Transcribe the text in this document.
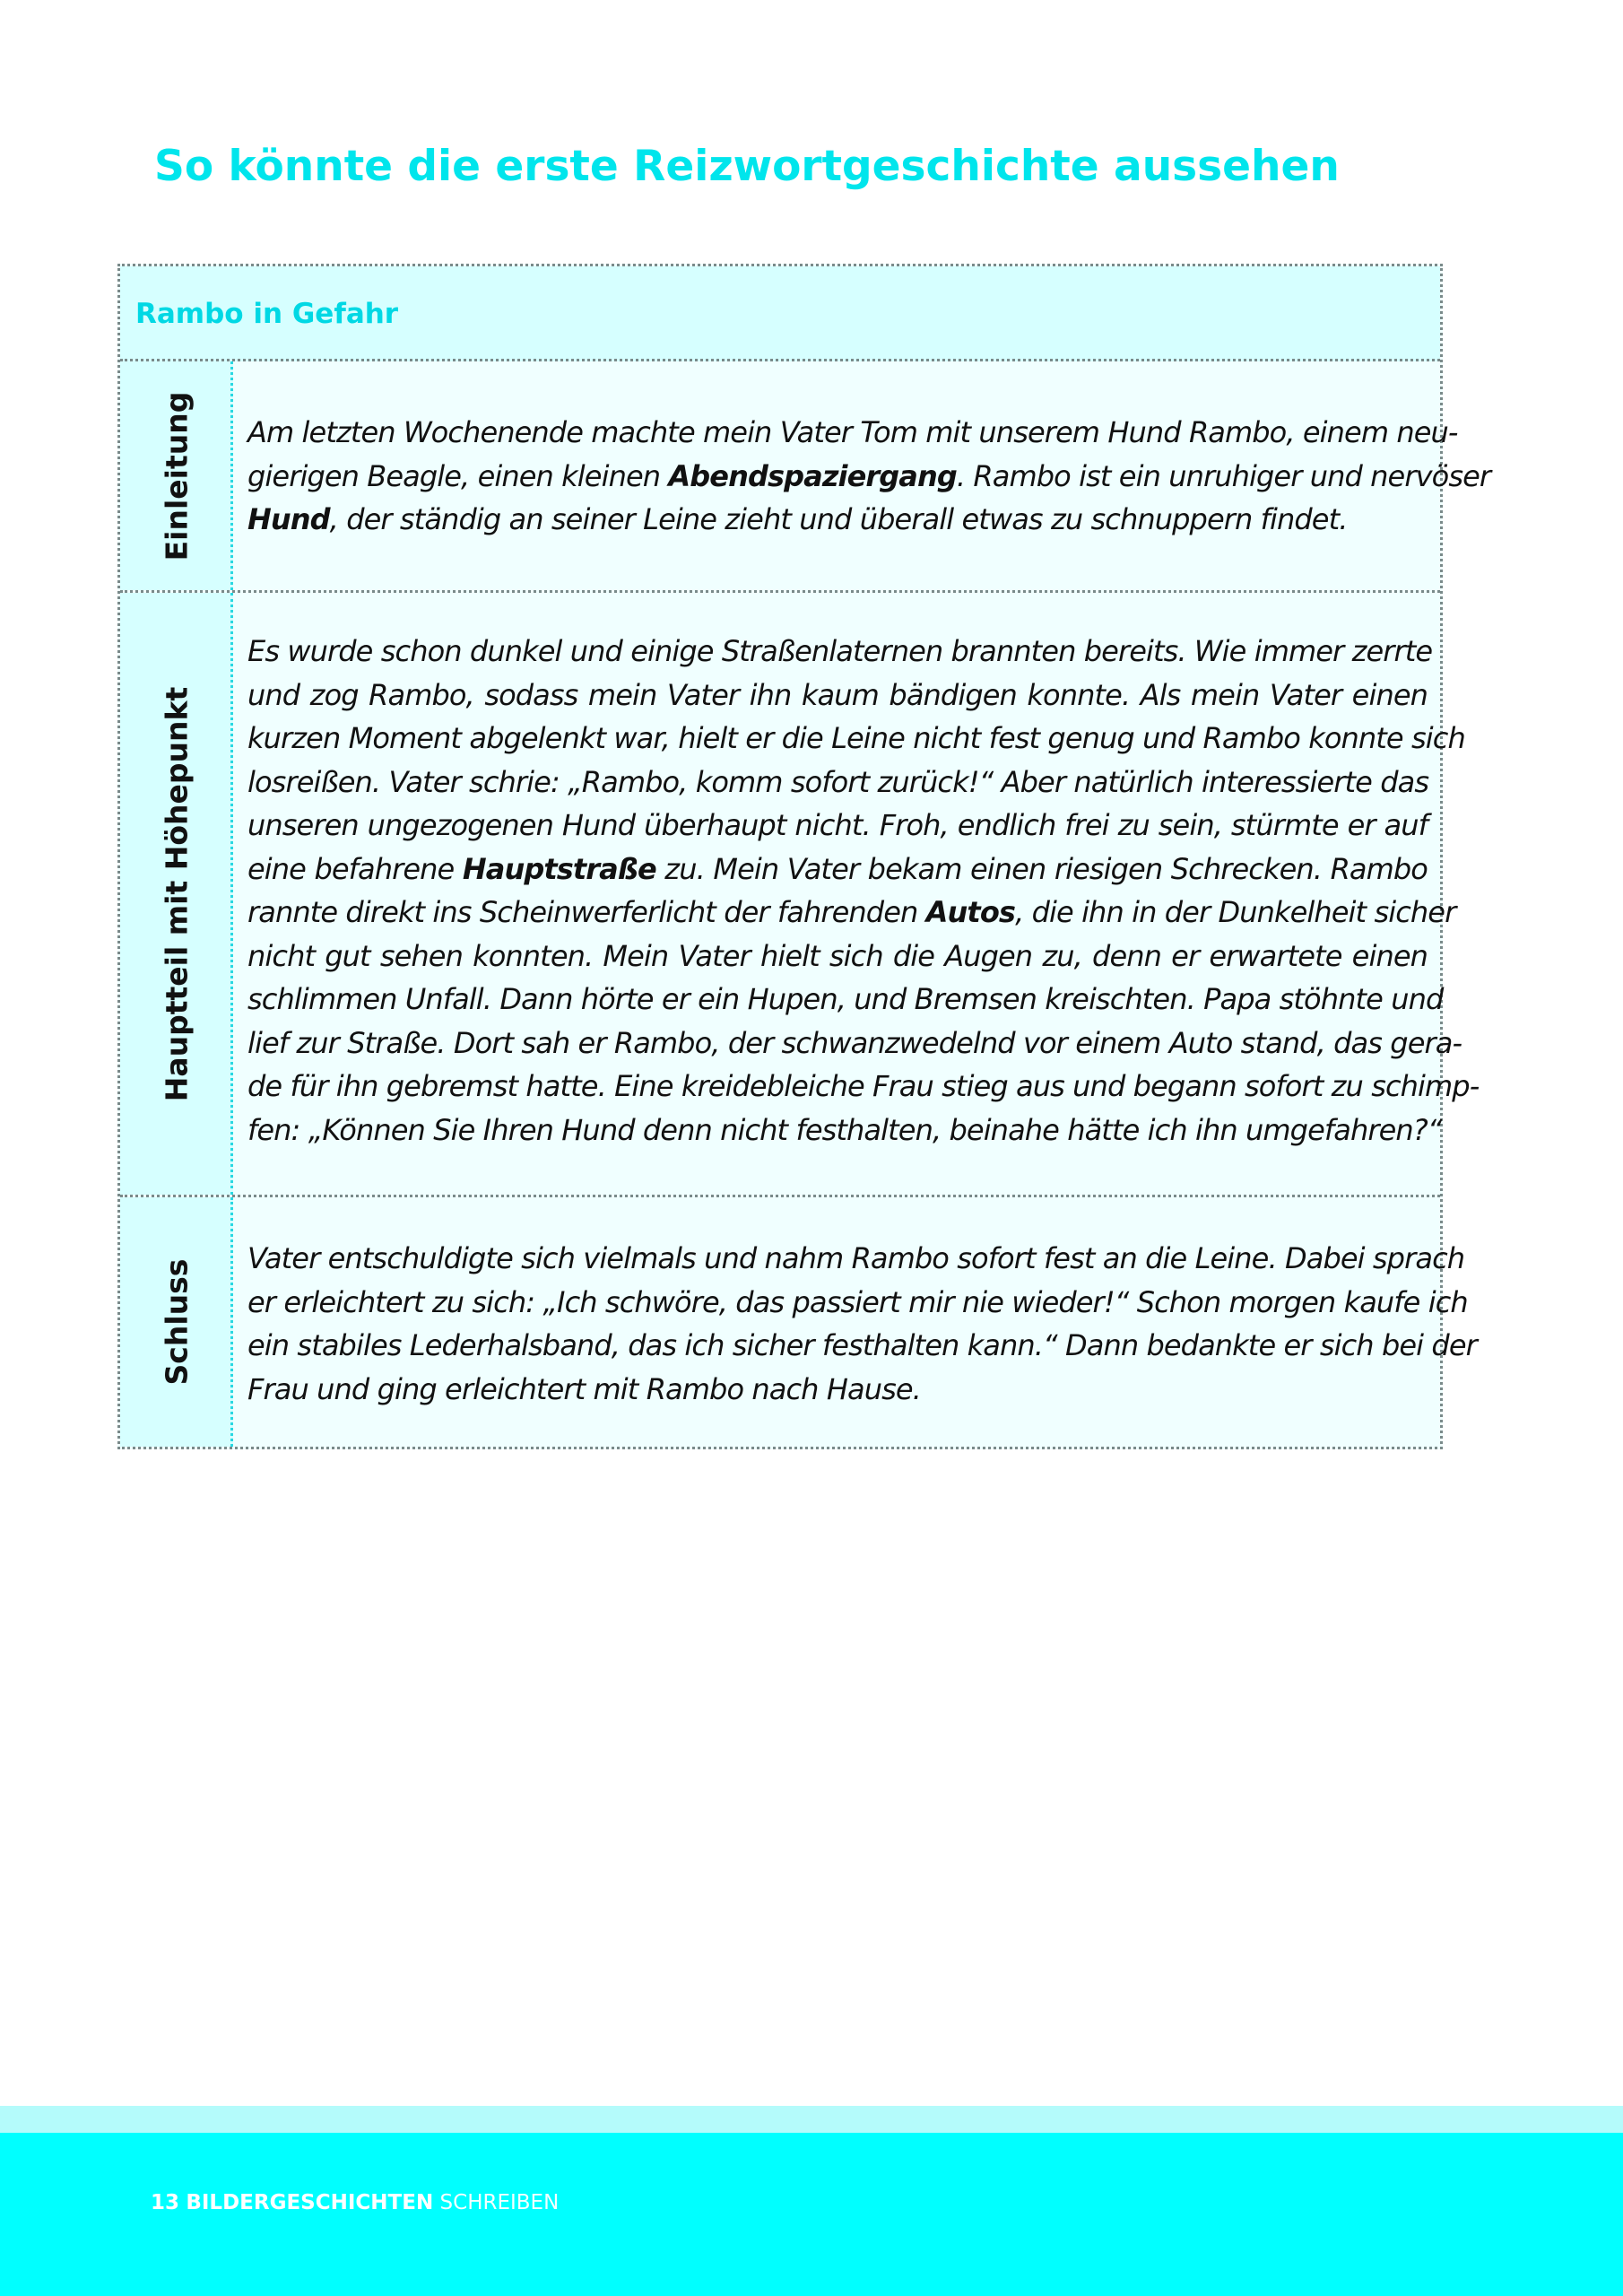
So könnte die erste Reizwortgeschichte aussehen
Rambo in Gefahr
Einleitung Am letzten Wochenende machte mein Vater Tom mit unserem Hund Rambo, einem neu-
gierigen Beagle, einen kleinen Abendspaziergang. Rambo ist ein unruhiger und nervöser
Hund, der ständig an seiner Leine zieht und überall etwas zu schnuppern findet.
Hauptteil mit Höhepunkt
Es wurde schon dunkel und einige Straßenlaternen brannten bereits. Wie immer zerrte
und zog Rambo, sodass mein Vater ihn kaum bändigen konnte. Als mein Vater einen
kurzen Moment abgelenkt war, hielt er die Leine nicht fest genug und Rambo konnte sich
losreißen. Vater schrie: „Rambo, komm sofort zurück!“ Aber natürlich interessierte das
unseren ungezogenen Hund überhaupt nicht. Froh, endlich frei zu sein, stürmte er auf
eine befahrene Hauptstraße zu. Mein Vater bekam einen riesigen Schrecken. Rambo
rannte direkt ins Scheinwerferlicht der fahrenden Autos, die ihn in der Dunkelheit sicher
nicht gut sehen konnten. Mein Vater hielt sich die Augen zu, denn er erwartete einen
schlimmen Unfall. Dann hörte er ein Hupen, und Bremsen kreischten. Papa stöhnte und
lief zur Straße. Dort sah er Rambo, der schwanzwedelnd vor einem Auto stand, das gera-
de für ihn gebremst hatte. Eine kreidebleiche Frau stieg aus und begann sofort zu schimp-
fen: „Können Sie Ihren Hund denn nicht festhalten, beinahe hätte ich ihn umgefahren?“
Schluss
Vater entschuldigte sich vielmals und nahm Rambo sofort fest an die Leine. Dabei sprach
er erleichtert zu sich: „Ich schwöre, das passiert mir nie wieder!“ Schon morgen kaufe ich
ein stabiles Lederhalsband, das ich sicher festhalten kann.“ Dann bedankte er sich bei der
Frau und ging erleichtert mit Rambo nach Hause.
13 BILDERGESCHICHTEN SCHREIBEN
